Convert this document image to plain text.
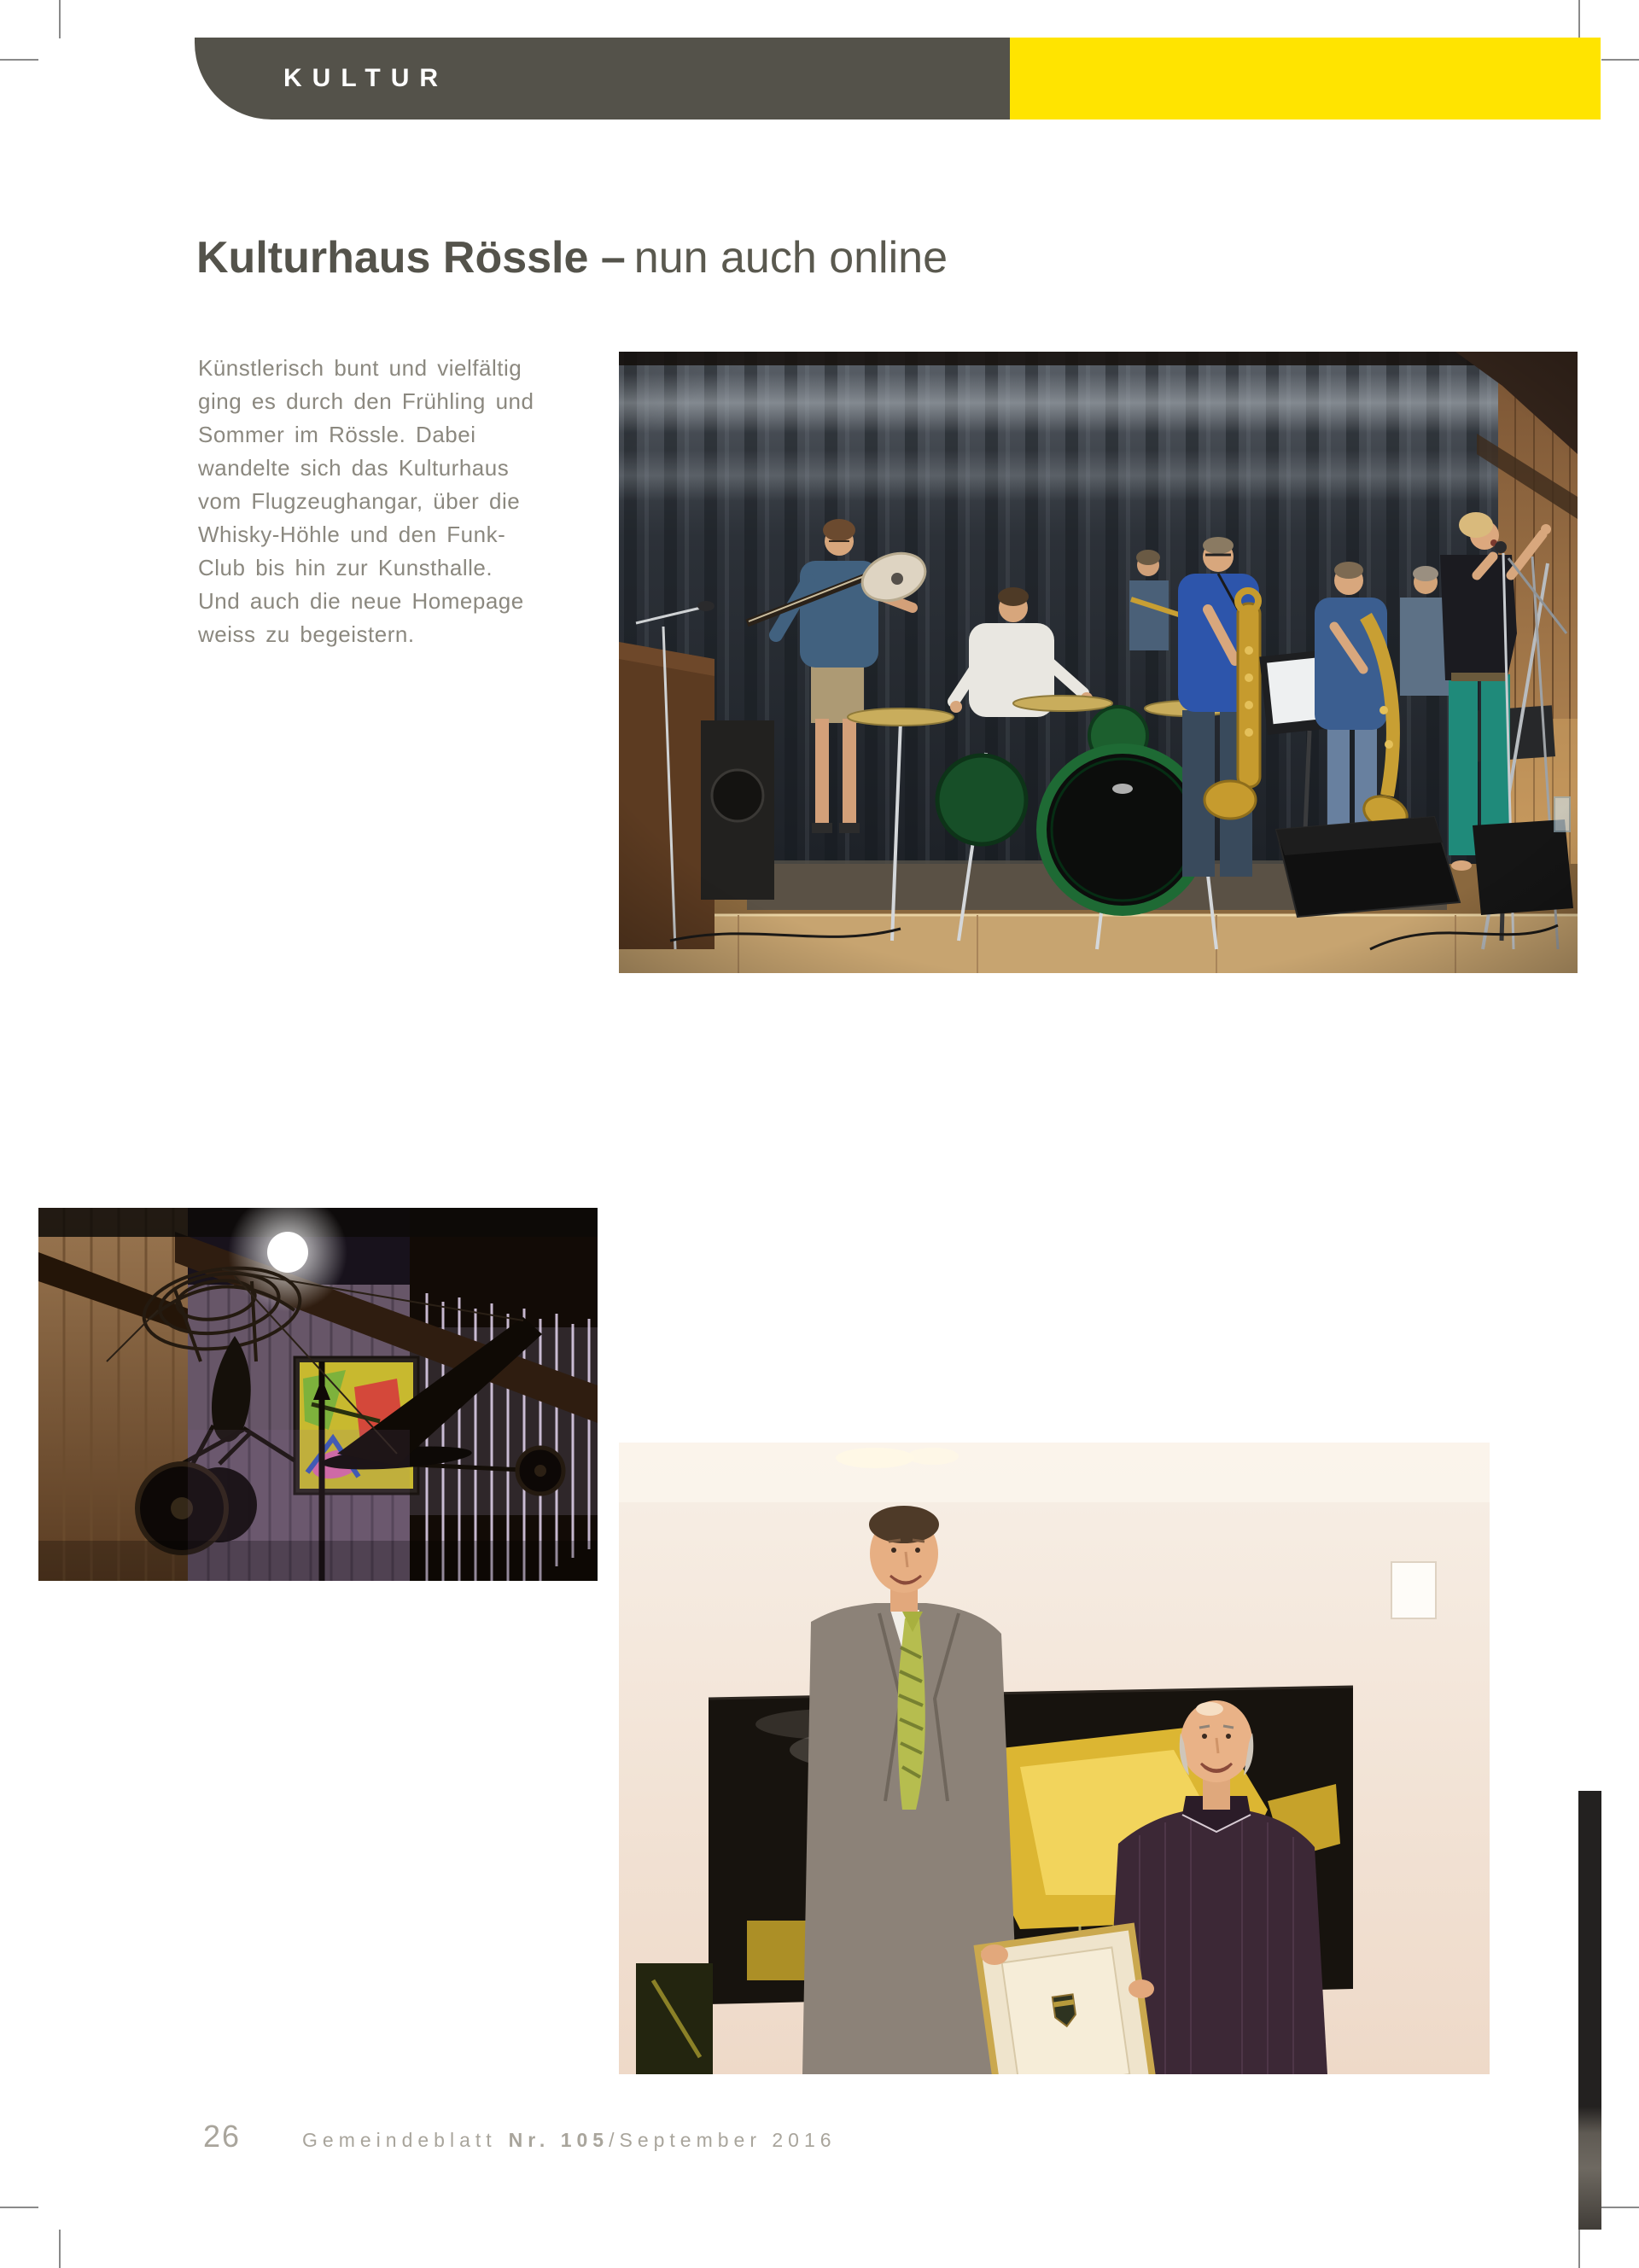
KULTUR
Kulturhaus Rössle – nun auch online
Künstlerisch bunt und vielfältig
ging es durch den Frühling und
Sommer im Rössle. Dabei
wandelte sich das Kulturhaus
vom Flugzeughangar, über die
Whisky-Höhle und den Funk-
Club bis hin zur Kunsthalle.
Und auch die neue Homepage
weiss zu begeistern.
26	Gemeindeblatt Nr. 105/September 2016
